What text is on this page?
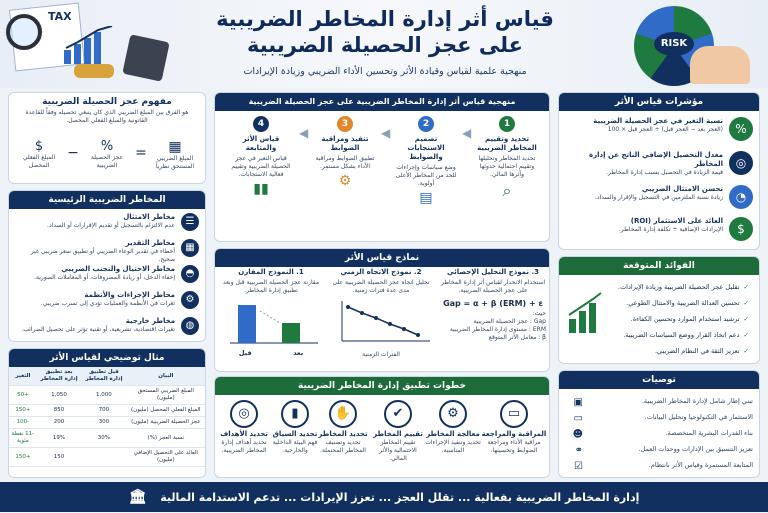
TAX	قياس أثر إدارة المخاطر الضريبية
على عجز الحصيلة الضريبية
منهجية علمية لقياس وقيادة الأثر وتحسين الأداء الضريبي وزيادة الإيرادات
RISK
مفهوم عجز الحصيلة الضريبية
هو الفرق بين المبلغ الضريبي الذي كان ينبغي تحصيله وفقاً للقاعدة القانونية والمبلغ الفعلي المحصل.
▦
المبلغ الضريبي المستحق نظرياً
=
%
عجز الحصيلة الضريبية
−
$
المبلغ الفعلي المحصل
المخاطر الضريبية الرئيسية
☰
مخاطر الامتثال
عدم الالتزام بالتسجيل أو تقديم الإقرارات أو السداد.
▦
مخاطر التقدير
أخطاء في تقدير الوعاء الضريبي أو تطبيق سعر ضريبي غير صحيح.
◓
مخاطر الاحتيال والتجنب الضريبي
إخفاء الدخل، أو زيادة المصروفات، أو المعاملات الصورية.
⚙
مخاطر الإجراءات والأنظمة
ثغرات في الأنظمة والعمليات تؤدي إلى تسرب ضريبي.
◍
مخاطر خارجية
تغيرات اقتصادية، تشريعية، أو تقنية تؤثر على تحصيل الضرائب.
مثال توضيحي لقياس الأثر
البيان	قبل تطبيق إدارة المخاطر	بعد تطبيق إدارة المخاطر	التغير
المبلغ الضريبي المستحق (مليون)	1,000	1,050	+50
المبلغ الفعلي المحصل (مليون)	700	850	+150
عجز الحصيلة الضريبية (مليون)	300	200	-100
نسبة العجز (%)	30%	19%	-11 نقطة مئوية
العائد على التحصيل الإضافي (مليون)		150	+150
منهجية قياس أثر إدارة المخاطر الضريبية على عجز الحصيلة الضريبية
1
تحديد وتقييم المخاطر الضريبية
تحديد المخاطر وتحليلها وتقييم احتمالية حدوثها وأثرها المالي.
⌕
2
تصميم الاستجابات والضوابط
وضع سياسات وإجراءات للحد من المخاطر الأعلى أولوية.
▤
3
تنفيذ ومراقبة الضوابط
تطبيق الضوابط ومراقبة الأداء بشكل مستمر.
⚙
4
قياس الأثر والمتابعة
قياس التغير في عجز الحصيلة الضريبية وتقييم فعالية الاستجابات.
▮▮
◀
◀
◀
نماذج قياس الأثر
3. نموذج التحليل الإحصائي
استخدام الانحدار لقياس أثر إدارة المخاطر على عجز الحصيلة الضريبية.
Gap = α + β (ERM) + ε
حيث:
Gap : عجز الحصيلة الضريبية
ERM : مستوى إدارة المخاطر الضريبية
β : معامل الأثر المتوقع
2. نموذج الاتجاه الزمني
تحليل اتجاه عجز الحصيلة الضريبية على مدى عدة فترات زمنية.
الفترات الزمنية
1. النموذج المقارن
مقارنة عجز الحصيلة الضريبية قبل وبعد تطبيق إدارة المخاطر.
بعد
قبل
خطوات تطبيق إدارة المخاطر الضريبية
▭
المراقبة والمراجعة
مراقبة الأداء ومراجعة الضوابط وتحسينها.
⚙
معالجة المخاطر
تحديد وتنفيذ الإجراءات المناسبة.
✔
تقييم المخاطر
تقييم المخاطر الاحتمالية والأثر المالي.
✋
تحديد المخاطر
تحديد وتصنيف المخاطر المحتملة.
▮
تحديد السياق
فهم البيئة الداخلية والخارجية.
◎
تحديد الأهداف
تحديد أهداف إدارة المخاطر الضريبية.
مؤشرات قياس الأثر
%
نسبة التغير في عجز الحصيلة الضريبية
(العجز بعد − العجز قبل) ÷ العجز قبل × 100
◎
معدل التحصيل الإضافي الناتج عن إدارة المخاطر
قيمة الزيادة في التحصيل بسبب إدارة المخاطر.
◔
تحسن الامتثال الضريبي
زيادة نسبة الملتزمين في التسجيل والإقرار والسداد.
$
العائد على الاستثمار (ROI)
الإيرادات الإضافية ÷ تكلفة إدارة المخاطر.
الفوائد المتوقعة
✓ تقليل عجز الحصيلة الضريبية وزيادة الإيرادات.
✓ تحسين العدالة الضريبية والامتثال الطوعي.
✓ ترشيد استخدام الموارد وتحسين الكفاءة.
✓ دعم اتخاذ القرار ووضع السياسات الضريبية.
✓ تعزيز الثقة في النظام الضريبي.
توصيات
تبني إطار شامل لإدارة المخاطر الضريبية.
الاستثمار في التكنولوجيا وتحليل البيانات.
بناء القدرات البشرية المتخصصة.
تعزيز التنسيق بين الإدارات ووحدات العمل.
المتابعة المستمرة وقياس الأثر بانتظام.
▣
▭
☻
⚭
☑
إدارة المخاطر الضريبية بفعالية ... تقلل العجز ... تعزز الإيرادات ... تدعم الاستدامة المالية 🏛
